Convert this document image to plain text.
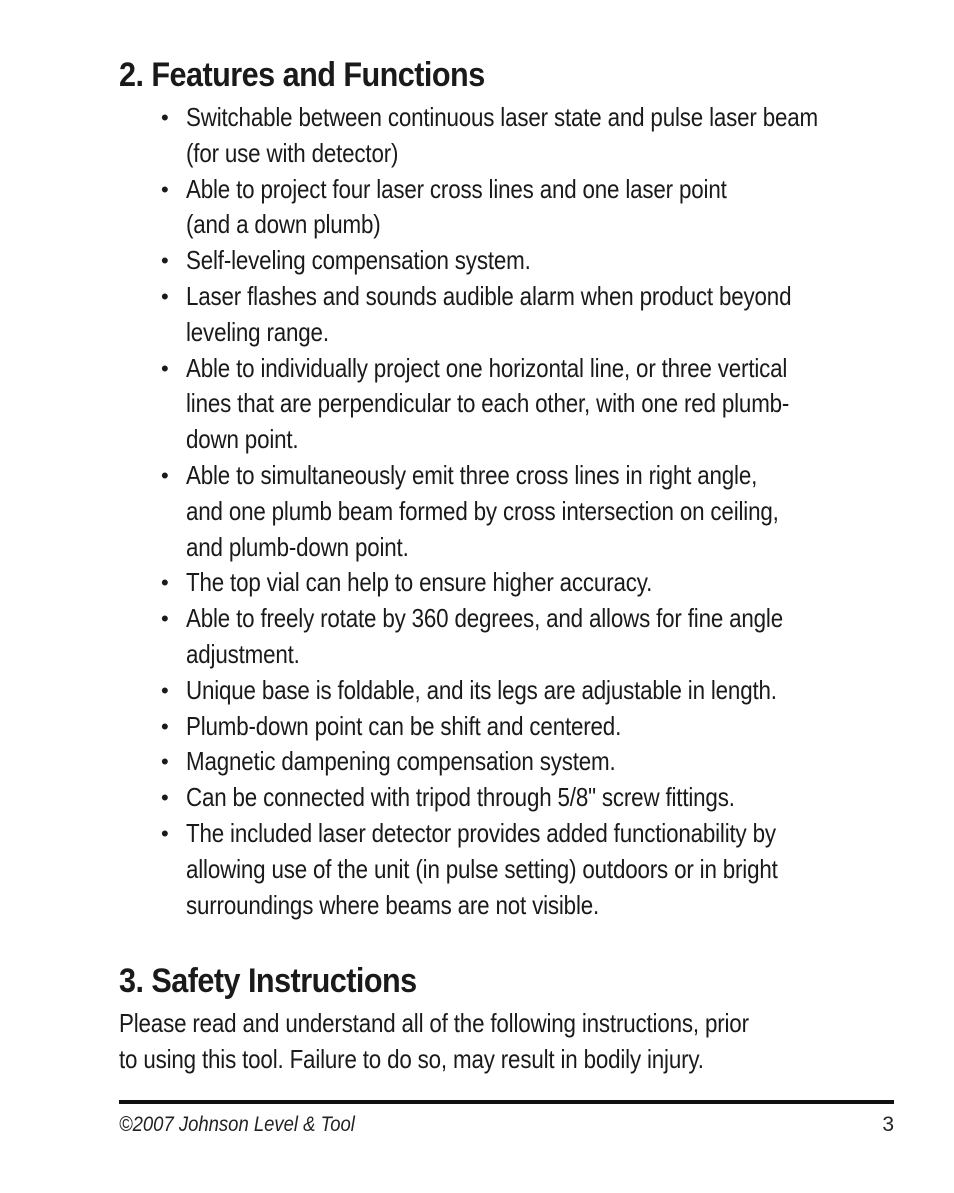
2. Features and Functions
• Switchable between continuous laser state and pulse laser beam
(for use with detector)
• Able to project four laser cross lines and one laser point
(and a down plumb)
• Self-leveling compensation system.
• Laser flashes and sounds audible alarm when product beyond
leveling range.
• Able to individually project one horizontal line, or three vertical
lines that are perpendicular to each other, with one red plumb-
down point.
• Able to simultaneously emit three cross lines in right angle,
and one plumb beam formed by cross intersection on ceiling,
and plumb-down point.
• The top vial can help to ensure higher accuracy.
• Able to freely rotate by 360 degrees, and allows for fine angle
adjustment.
• Unique base is foldable, and its legs are adjustable in length.
• Plumb-down point can be shift and centered.
• Magnetic dampening compensation system.
• Can be connected with tripod through 5/8" screw fittings.
• The included laser detector provides added functionability by
allowing use of the unit (in pulse setting) outdoors or in bright
surroundings where beams are not visible.
3. Safety Instructions

Please read and understand all of the following instructions, prior
to using this tool. Failure to do so, may result in bodily injury.

©2007 Johnson Level & Tool	3
